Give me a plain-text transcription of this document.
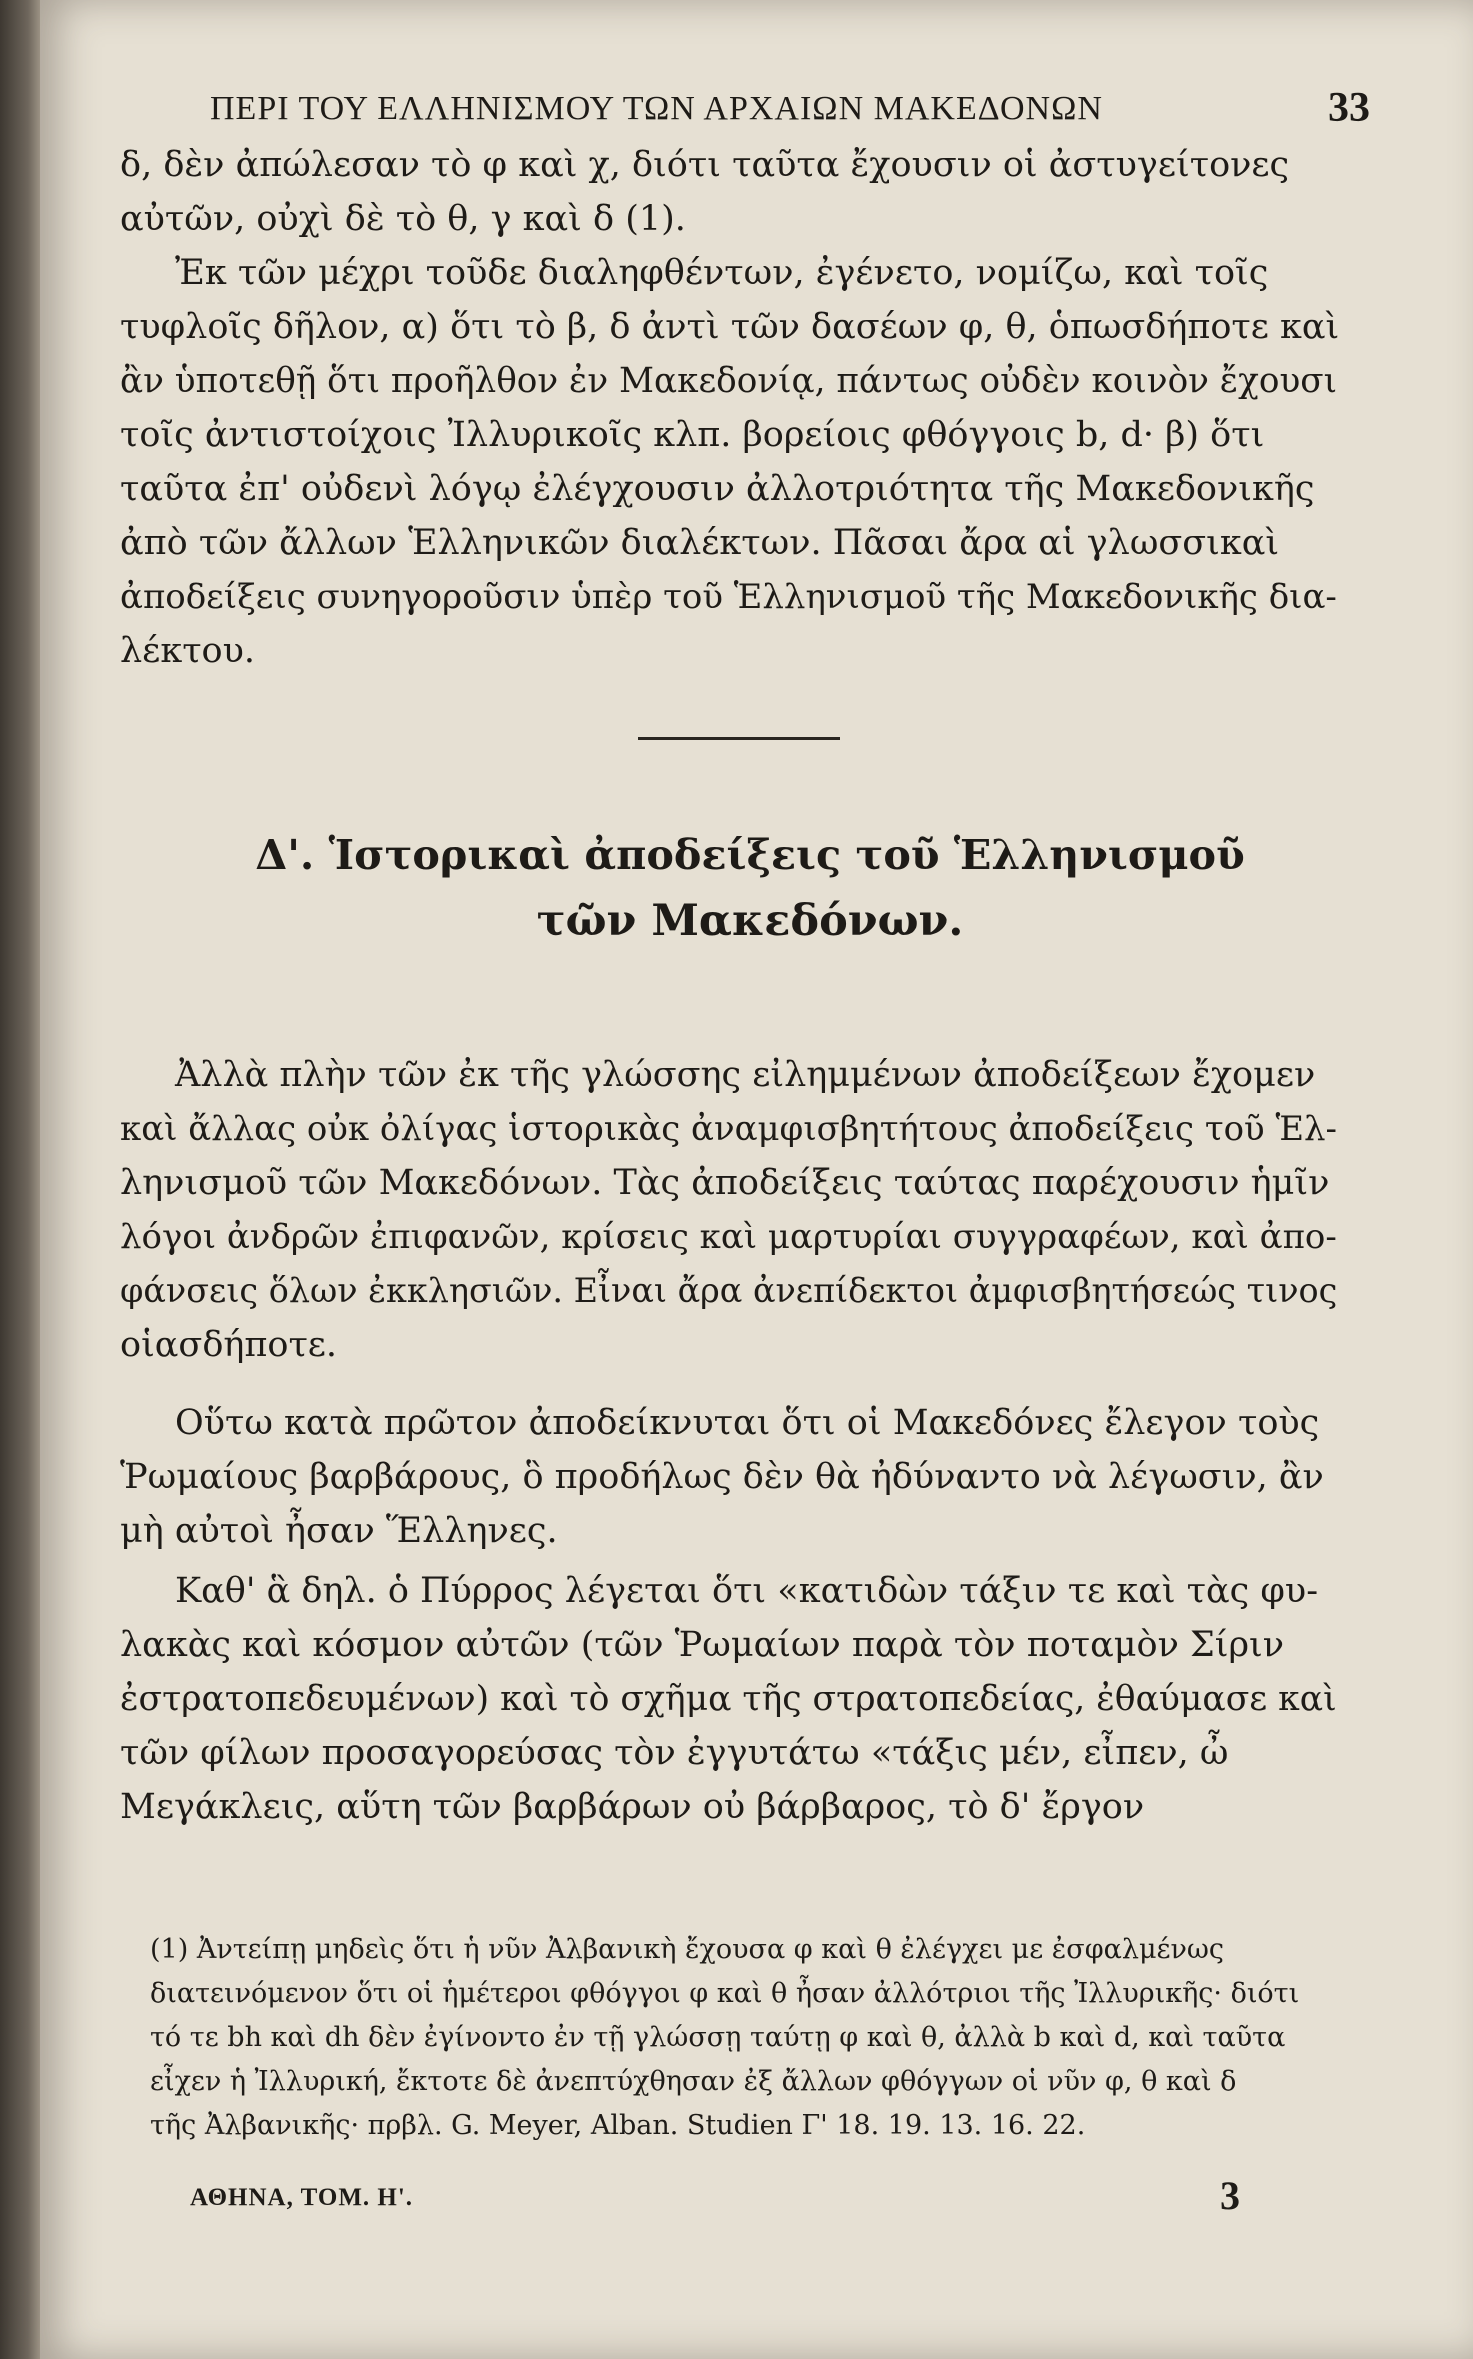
ΠΕΡΙ ΤΟΥ ΕΛΛΗΝΙΣΜΟΥ ΤΩΝ ΑΡΧΑΙΩΝ ΜΑΚΕΔΟΝΩΝ	33

δ, δὲν ἀπώλεσαν τὸ φ καὶ χ, διότι ταῦτα ἔχουσιν οἱ ἀστυγείτονες
αὐτῶν, οὐχὶ δὲ τὸ θ, γ καὶ δ (1).

Ἐκ τῶν μέχρι τοῦδε διαληφθέντων, ἐγένετο, νομίζω, καὶ τοῖς
τυφλοῖς δῆλον, α) ὅτι τὸ β, δ ἀντὶ τῶν δασέων φ, θ, ὁπωσδήποτε καὶ
ἂν ὑποτεθῇ ὅτι προῆλθον ἐν Μακεδονίᾳ, πάντως οὐδὲν κοινὸν ἔχουσι
τοῖς ἀντιστοίχοις Ἰλλυρικοῖς κλπ. βορείοις φθόγγοις b, d· β) ὅτι
ταῦτα ἐπ' οὐδενὶ λόγῳ ἐλέγχουσιν ἀλλοτριότητα τῆς Μακεδονικῆς
ἀπὸ τῶν ἄλλων Ἑλληνικῶν διαλέκτων. Πᾶσαι ἄρα αἱ γλωσσικαὶ
ἀποδείξεις συνηγοροῦσιν ὑπὲρ τοῦ Ἑλληνισμοῦ τῆς Μακεδονικῆς δια-
λέκτου.

Δ'. Ἱστορικαὶ ἀποδείξεις τοῦ Ἑλληνισμοῦ
τῶν Μακεδόνων.

Ἀλλὰ πλὴν τῶν ἐκ τῆς γλώσσης εἰλημμένων ἀποδείξεων ἔχομεν
καὶ ἄλλας οὐκ ὀλίγας ἱστορικὰς ἀναμφισβητήτους ἀποδείξεις τοῦ Ἑλ-
ληνισμοῦ τῶν Μακεδόνων. Τὰς ἀποδείξεις ταύτας παρέχουσιν ἡμῖν
λόγοι ἀνδρῶν ἐπιφανῶν, κρίσεις καὶ μαρτυρίαι συγγραφέων, καὶ ἀπο-
φάνσεις ὅλων ἐκκλησιῶν. Εἶναι ἄρα ἀνεπίδεκτοι ἀμφισβητήσεώς τινος
οἱασδήποτε.

Οὕτω κατὰ πρῶτον ἀποδείκνυται ὅτι οἱ Μακεδόνες ἔλεγον τοὺς
Ῥωμαίους βαρβάρους, ὃ προδήλως δὲν θὰ ἠδύναντο νὰ λέγωσιν, ἂν
μὴ αὐτοὶ ἦσαν Ἕλληνες.

Καθ' ἃ δηλ. ὁ Πύρρος λέγεται ὅτι «κατιδὼν τάξιν τε καὶ τὰς φυ-
λακὰς καὶ κόσμον αὐτῶν (τῶν Ῥωμαίων παρὰ τὸν ποταμὸν Σίριν
ἐστρατοπεδευμένων) καὶ τὸ σχῆμα τῆς στρατοπεδείας, ἐθαύμασε καὶ
τῶν φίλων προσαγορεύσας τὸν ἐγγυτάτω «τάξις μέν, εἶπεν, ὦ
Μεγάκλεις, αὕτη τῶν βαρβάρων οὐ βάρβαρος, τὸ δ' ἔργον

(1) Ἀντείπῃ μηδεὶς ὅτι ἡ νῦν Ἀλβανικὴ ἔχουσα φ καὶ θ ἐλέγχει με ἐσφαλμένως
διατεινόμενον ὅτι οἱ ἡμέτεροι φθόγγοι φ καὶ θ ἦσαν ἀλλότριοι τῆς Ἰλλυρικῆς· διότι
τό τε bh καὶ dh δὲν ἐγίνοντο ἐν τῇ γλώσσῃ ταύτῃ φ καὶ θ, ἀλλὰ b καὶ d, καὶ ταῦτα
εἶχεν ἡ Ἰλλυρική, ἔκτοτε δὲ ἀνεπτύχθησαν ἐξ ἄλλων φθόγγων οἱ νῦν φ, θ καὶ δ
τῆς Ἀλβανικῆς· πρβλ. G. Meyer, Alban. Studien Γ' 18. 19. 13. 16. 22.
ΑΘΗΝΑ, ΤΟΜ. Η'.	3
